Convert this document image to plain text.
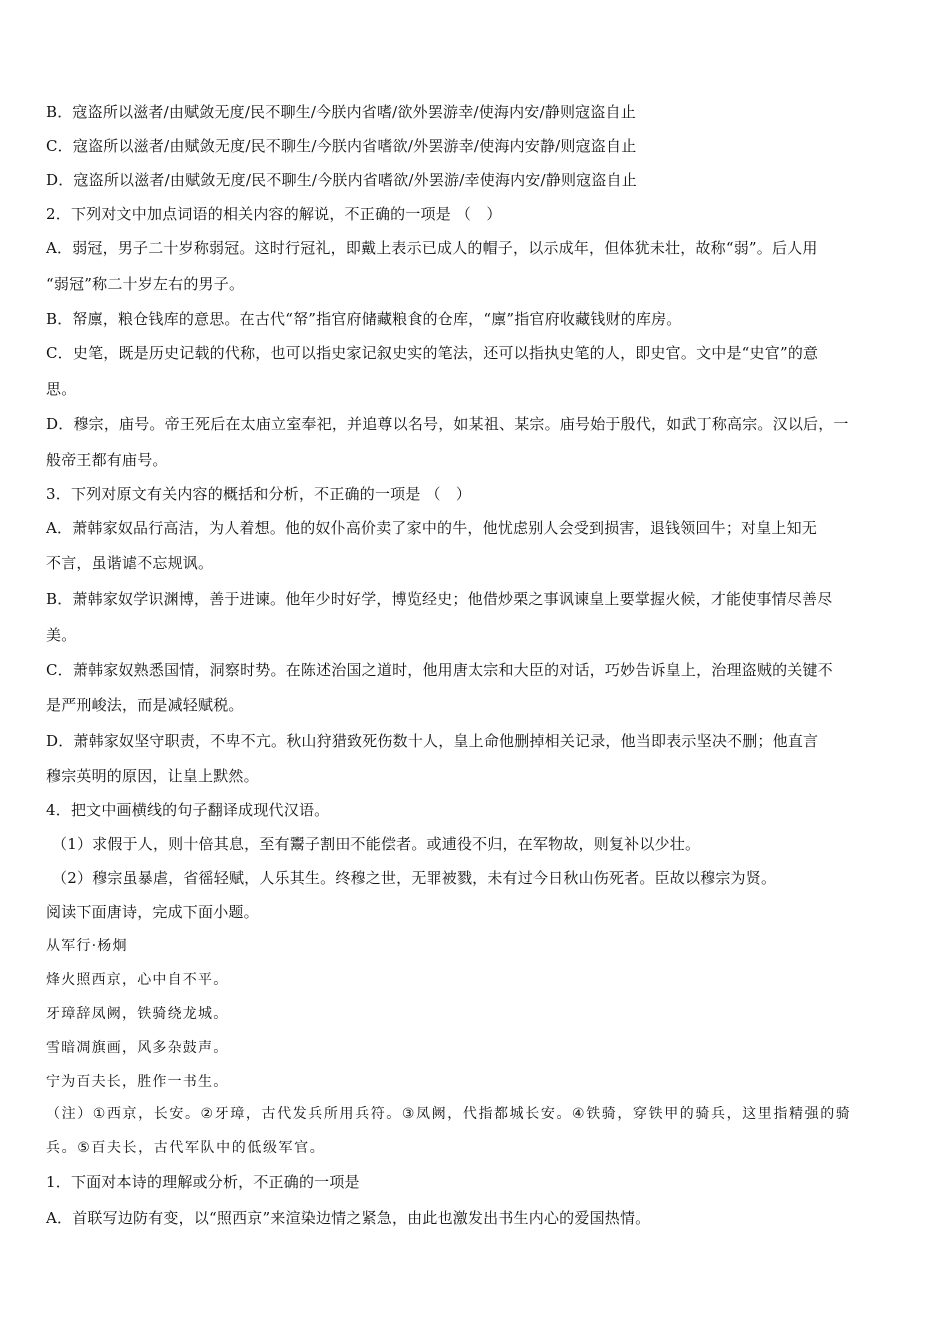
B．寇盗所以滋者/由赋敛无度/民不聊生/今朕内省嗜/欲外罢游幸/使海内安/静则寇盗自止
C．寇盗所以滋者/由赋敛无度/民不聊生/今朕内省嗜欲/外罢游幸/使海内安静/则寇盗自止
D．寇盗所以滋者/由赋敛无度/民不聊生/今朕内省嗜欲/外罢游/幸使海内安/静则寇盗自止
2．下列对文中加点词语的相关内容的解说，不正确的一项是 （　）
A．弱冠，男子二十岁称弱冠。这时行冠礼，即戴上表示已成人的帽子，以示成年，但体犹未壮，故称“弱”。后人用
“弱冠”称二十岁左右的男子。
B．帑廪，粮仓钱库的意思。在古代“帑”指官府储藏粮食的仓库，“廪”指官府收藏钱财的库房。
C．史笔，既是历史记载的代称，也可以指史家记叙史实的笔法，还可以指执史笔的人，即史官。文中是“史官”的意
思。
D．穆宗，庙号。帝王死后在太庙立室奉祀，并追尊以名号，如某祖、某宗。庙号始于殷代，如武丁称高宗。汉以后，一
般帝王都有庙号。
3．下列对原文有关内容的概括和分析，不正确的一项是 （　）
A．萧韩家奴品行高洁，为人着想。他的奴仆高价卖了家中的牛，他忧虑别人会受到损害，退钱领回牛；对皇上知无
不言，虽谐谑不忘规讽。
B．萧韩家奴学识渊博，善于进谏。他年少时好学，博览经史；他借炒栗之事讽谏皇上要掌握火候，才能使事情尽善尽
美。
C．萧韩家奴熟悉国情，洞察时势。在陈述治国之道时，他用唐太宗和大臣的对话，巧妙告诉皇上，治理盗贼的关键不
是严刑峻法，而是减轻赋税。
D．萧韩家奴坚守职责，不卑不亢。秋山狩猎致死伤数十人，皇上命他删掉相关记录，他当即表示坚决不删；他直言
穆宗英明的原因，让皇上默然。
4．把文中画横线的句子翻译成现代汉语。
（1）求假于人，则十倍其息，至有鬻子割田不能偿者。或逋役不归，在军物故，则复补以少壮。
（2）穆宗虽暴虐，省徭轻赋，人乐其生。终穆之世，无罪被戮，未有过今日秋山伤死者。臣故以穆宗为贤。
阅读下面唐诗，完成下面小题。
从军行·杨炯
烽火照西京，心中自不平。
牙璋辞凤阙，铁骑绕龙城。
雪暗凋旗画，风多杂鼓声。
宁为百夫长，胜作一书生。
（注）①西京，长安。②牙璋，古代发兵所用兵符。③凤阙，代指都城长安。④铁骑，穿铁甲的骑兵，这里指精强的骑
兵。⑤百夫长，古代军队中的低级军官。
1．下面对本诗的理解或分析，不正确的一项是
A．首联写边防有变，以“照西京”来渲染边情之紧急，由此也激发出书生内心的爱国热情。
